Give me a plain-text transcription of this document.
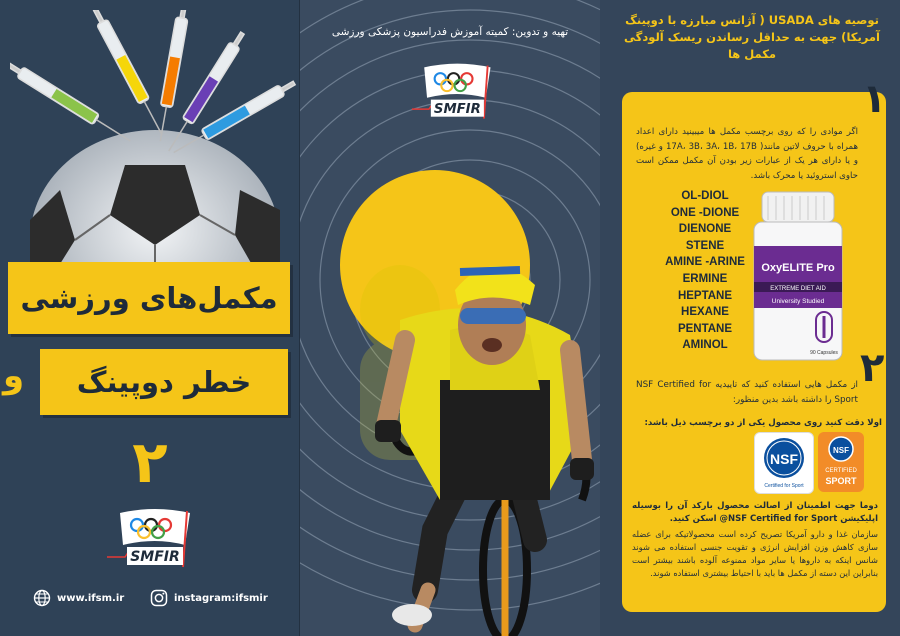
مکمل‌های ورزشی
و	خطر دوپینگ
۲
SMFIR
www.ifsm.ir	instagram:ifsmir
SMFIR
تهیه و تدوین: کمیته آموزش فدراسیون پزشکی ورزشی
توصیه های USADA ( آژانس مبارزه با دوپینگ آمریکا) جهت به حداقل رساندن ریسک آلودگی مکمل ها
۱
اگر موادی را که روی برچسب مکمل ها میبینید دارای اعداد همراه با حروف لاتین مانند( 17A، 3B، 3A، 1B، 17B و غیره) و یا دارای هر یک از عبارات زیر بودن آن مکمل ممکن است حاوی استروئید یا محرک باشد.
OL-DIOL
ONE -DIONE
DIENONE
STENE
AMINE -ARINE
ERMINE
HEPTANE
HEXANE
PENTANE
AMINOL
OxyELITE Pro
EXTREME DIET AID
University Studied
90 Capsules ۲
از مکمل هایی استفاده کنید که تاییدیه NSF Certified for Sport را داشته باشد بدین منظور:
اولا دقت کنید روی محصول یکی از دو برچسب ذیل باشد:
NSF
Certified for Sport
NSF
CERTIFIED
SPORT
دوما جهت اطمینان از اصالت محصول بارکد آن را بوسیله اپلیکیشن NSF Certified for Sport@ اسکن کنید.
سازمان غذا و دارو آمریکا تصریح کرده است محصولاتیکه برای عضله سازی کاهش وزن افزایش انرژی و تقویت جنسی استفاده می شوند شانس اینکه به داروها یا سایر مواد ممنوعه آلوده باشند بیشتر است بنابراین این دسته از مکمل ها باید با احتیاط بیشتری استفاده شوند.
